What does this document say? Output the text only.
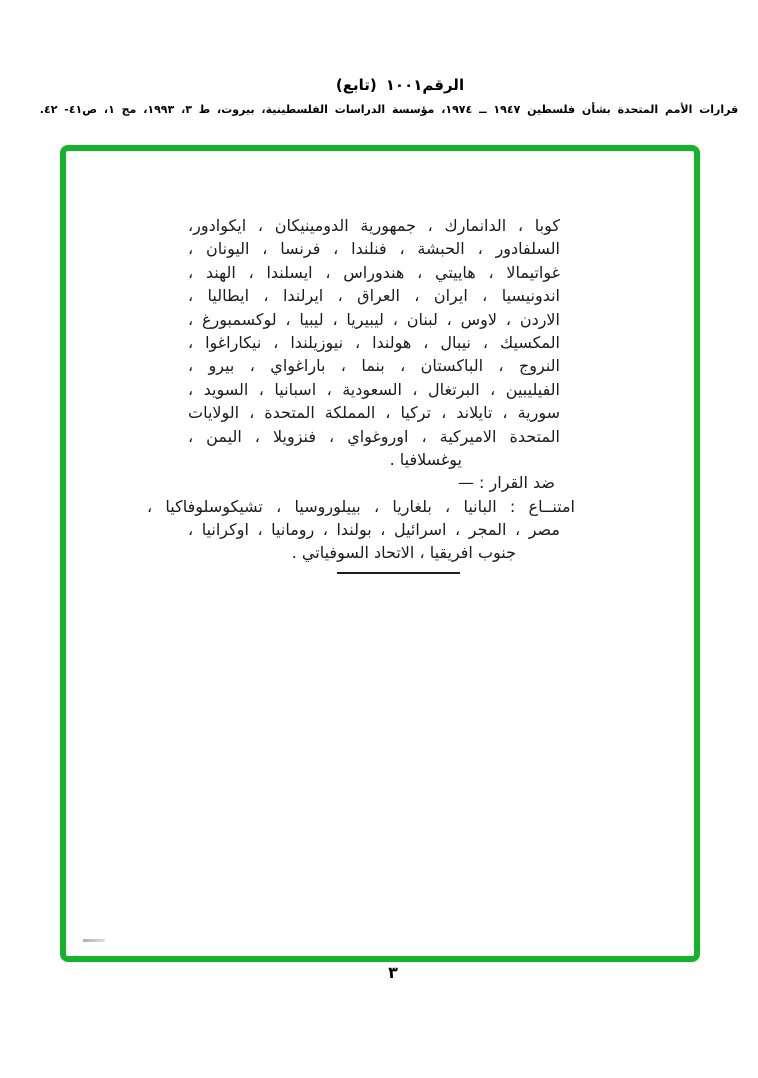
(تابع)	الرقم١٠٠١
قرارات الأمم المتحدة بشأن فلسطين ١٩٤٧ ــ ١٩٧٤، مؤسسة الدراسات الفلسطينية، بيروت، ط ٣، ١٩٩٣، مج ١، ص٤١- ٤٢.
كوبا ، الدانمارك ، جمهورية الدومينيكان ، ايكوادور،
السلفادور ، الحبشة ، فنلندا ، فرنسا ، اليونان ،
غواتيمالا ، هاييتي ، هندوراس ، ايسلندا ، الهند ،
اندونيسيا ، ايران ، العراق ، ايرلندا ، ايطاليا ،
الاردن ، لاوس ، لبنان ، ليبيريا ، ليبيا ، لوكسمبورغ ،
المكسيك ، نيبال ، هولندا ، نيوزيلندا ، نيكاراغوا ،
النروج ، الباكستان ، بنما ، باراغواي ، بيرو ،
الفيليبين ، البرتغال ، السعودية ، اسبانيا ، السويد ،
سورية ، تايلاند ، تركيا ، المملكة المتحدة ، الولايات
المتحدة الاميركية ، اوروغواي ، فنزويلا ، اليمن ،
يوغسلافيا .
ضد القرار : —
امتنــاع : البانيا ، بلغاريا ، بييلوروسيا ، تشيكوسلوفاكيا ،
مصر ، المجر ، اسرائيل ، بولندا ، رومانيا ، اوكرانيا ،
جنوب افريقيا ، الاتحاد السوفياتي .
٣
